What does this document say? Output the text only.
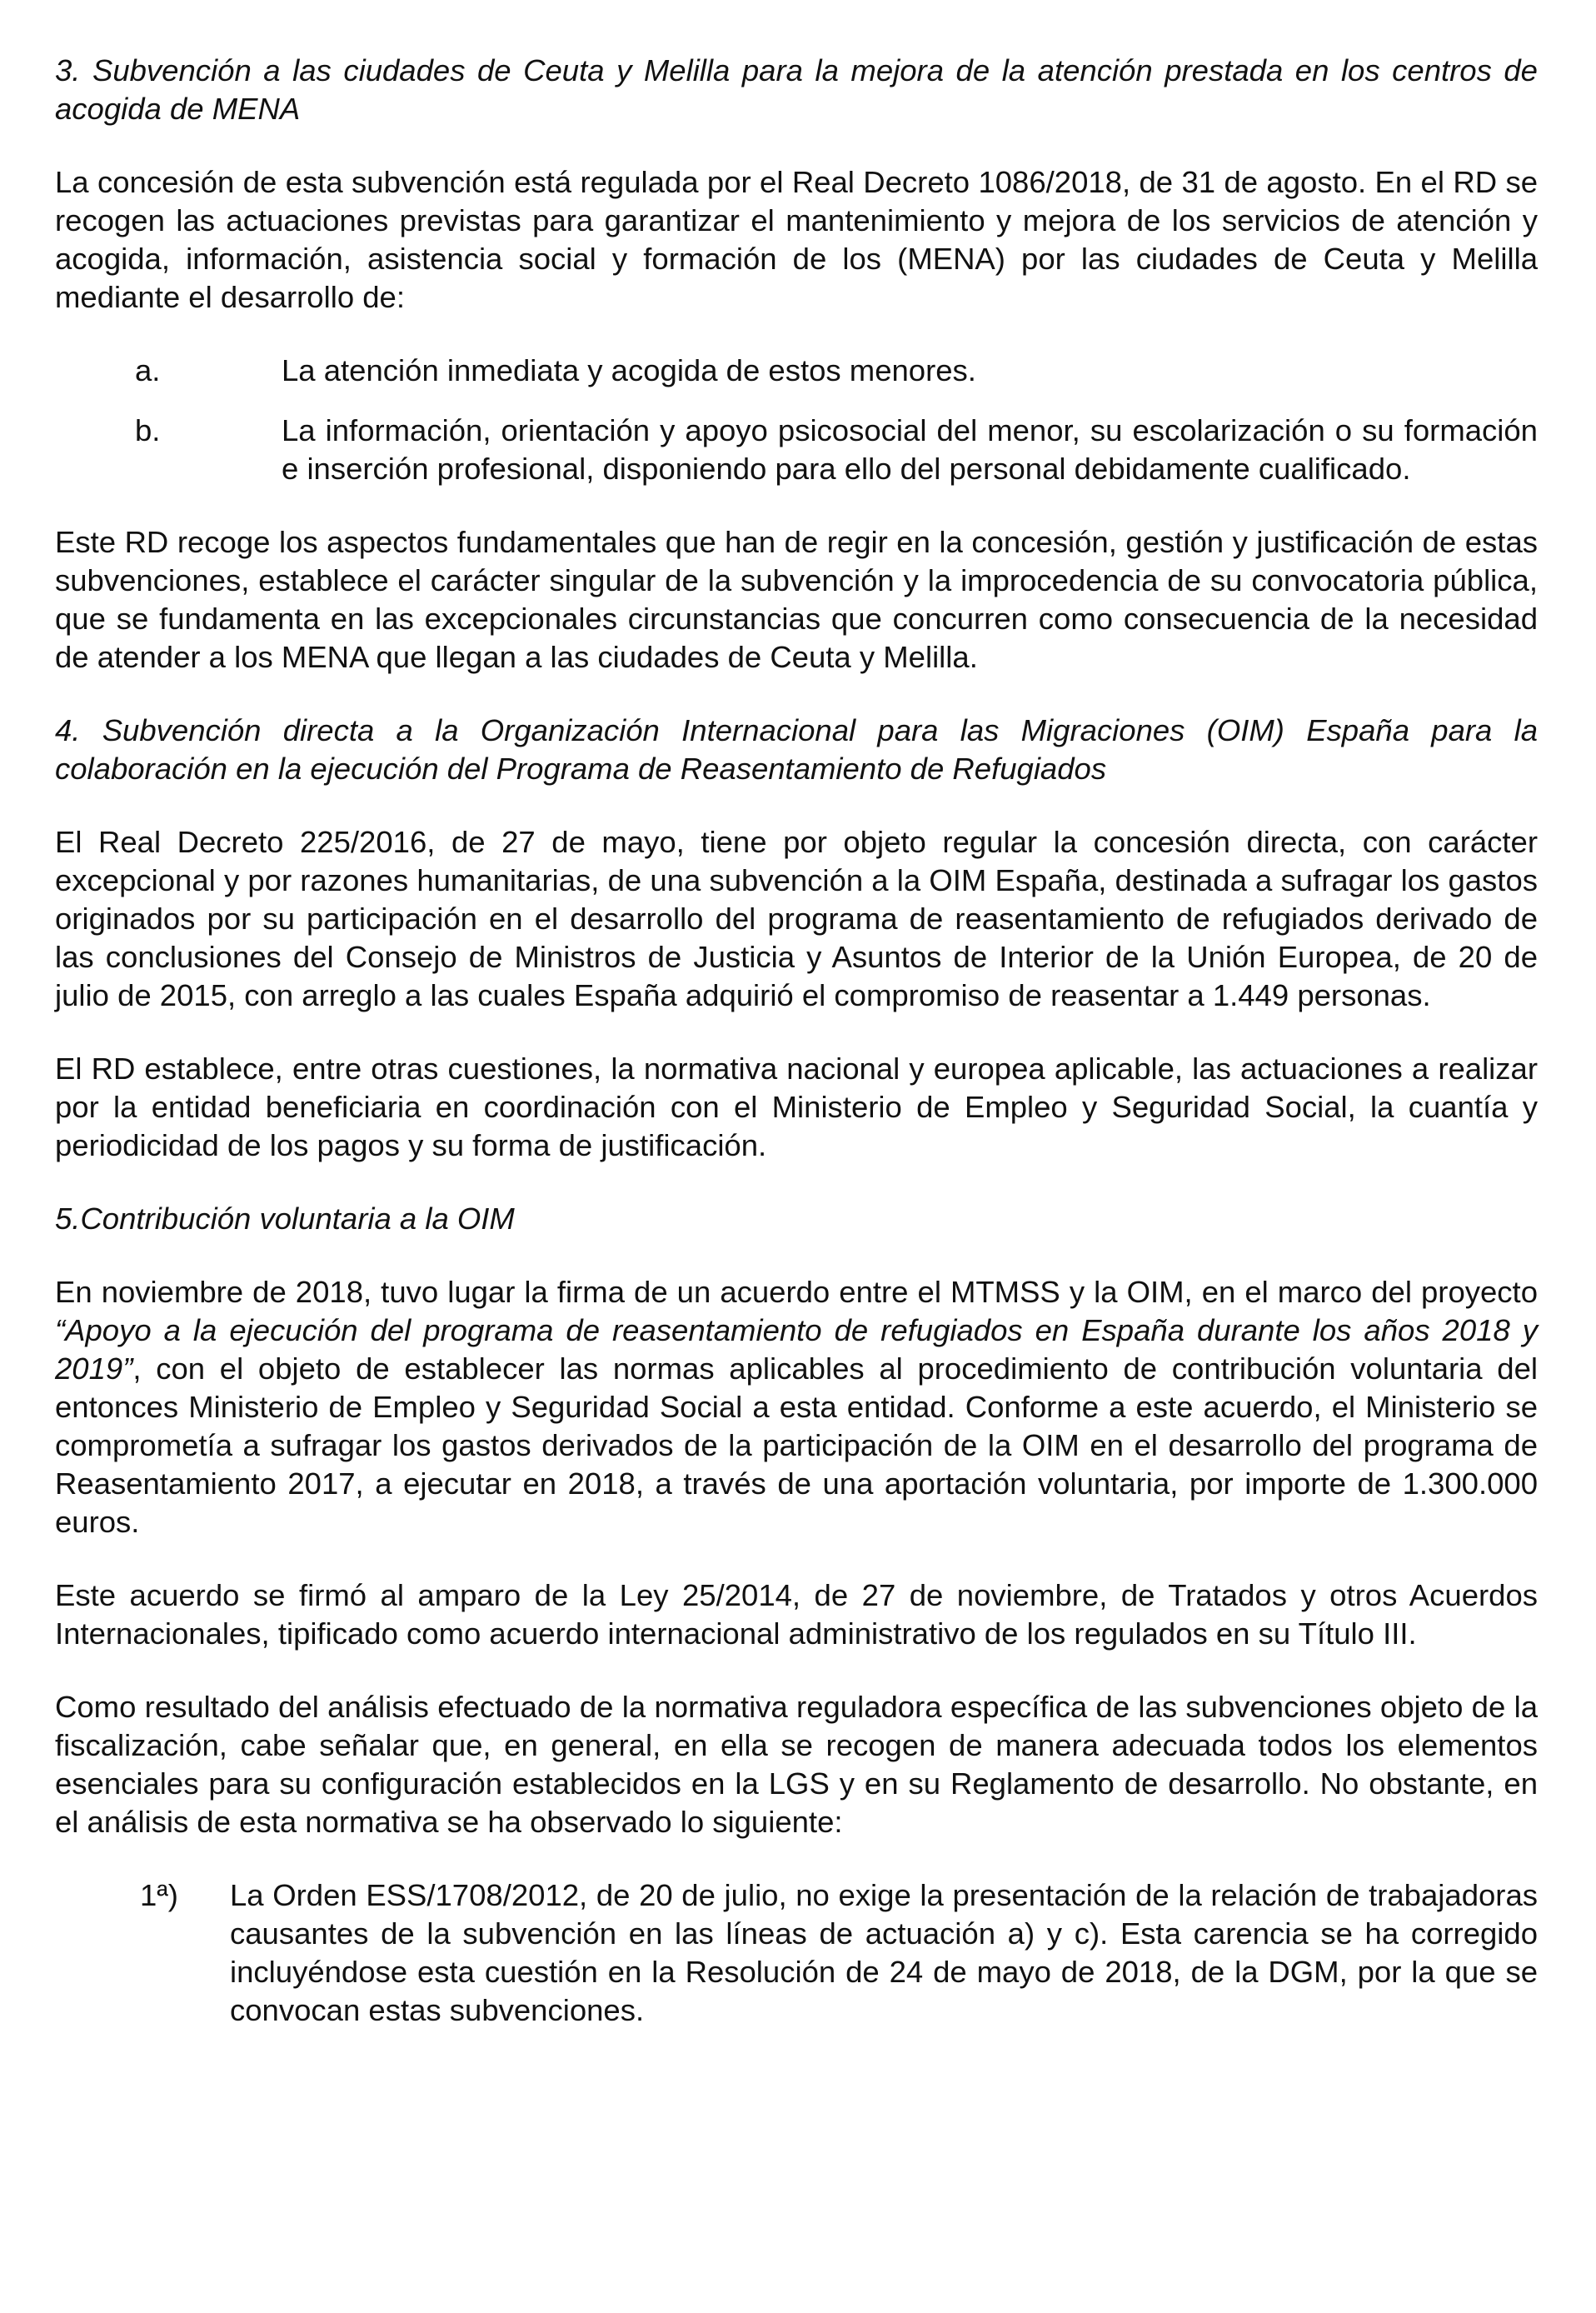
3. Subvención a las ciudades de Ceuta y Melilla para la mejora de la atención prestada en los centros de acogida de MENA

La concesión de esta subvención está regulada por el Real Decreto 1086/2018, de 31 de agosto. En el RD se recogen las actuaciones previstas para garantizar el mantenimiento y mejora de los servicios de atención y acogida, información, asistencia social y formación de los (MENA) por las ciudades de Ceuta y Melilla mediante el desarrollo de:

a.	La atención inmediata y acogida de estos menores.
b.	La información, orientación y apoyo psicosocial del menor, su escolarización o su formación e inserción profesional, disponiendo para ello del personal debidamente cualificado.

Este RD recoge los aspectos fundamentales que han de regir en la concesión, gestión y justificación de estas subvenciones, establece el carácter singular de la subvención y la improcedencia de su convocatoria pública, que se fundamenta en las excepcionales circunstancias que concurren como consecuencia de la necesidad de atender a los MENA que llegan a las ciudades de Ceuta y Melilla.

4. Subvención directa a la Organización Internacional para las Migraciones (OIM) España para la colaboración en la ejecución del Programa de Reasentamiento de Refugiados

El Real Decreto 225/2016, de 27 de mayo, tiene por objeto regular la concesión directa, con carácter excepcional y por razones humanitarias, de una subvención a la OIM España, destinada a sufragar los gastos originados por su participación en el desarrollo del programa de reasentamiento de refugiados derivado de las conclusiones del Consejo de Ministros de Justicia y Asuntos de Interior de la Unión Europea, de 20 de julio de 2015, con arreglo a las cuales España adquirió el compromiso de reasentar a 1.449 personas.

El RD establece, entre otras cuestiones, la normativa nacional y europea aplicable, las actuaciones a realizar por la entidad beneficiaria en coordinación con el Ministerio de Empleo y Seguridad Social, la cuantía y periodicidad de los pagos y su forma de justificación.

5.Contribución voluntaria a la OIM

En noviembre de 2018, tuvo lugar la firma de un acuerdo entre el MTMSS y la OIM, en el marco del proyecto “Apoyo a la ejecución del programa de reasentamiento de refugiados en España durante los años 2018 y 2019”, con el objeto de establecer las normas aplicables al procedimiento de contribución voluntaria del entonces Ministerio de Empleo y Seguridad Social a esta entidad. Conforme a este acuerdo, el Ministerio se comprometía a sufragar los gastos derivados de la participación de la OIM en el desarrollo del programa de Reasentamiento 2017, a ejecutar en 2018, a través de una aportación voluntaria, por importe de 1.300.000 euros.

Este acuerdo se firmó al amparo de la Ley 25/2014, de 27 de noviembre, de Tratados y otros Acuerdos Internacionales, tipificado como acuerdo internacional administrativo de los regulados en su Título III.

Como resultado del análisis efectuado de la normativa reguladora específica de las subvenciones objeto de la fiscalización, cabe señalar que, en general, en ella se recogen de manera adecuada todos los elementos esenciales para su configuración establecidos en la LGS y en su Reglamento de desarrollo. No obstante, en el análisis de esta normativa se ha observado lo siguiente:

1ª)	La Orden ESS/1708/2012, de 20 de julio, no exige la presentación de la relación de trabajadoras causantes de la subvención en las líneas de actuación a) y c). Esta carencia se ha corregido incluyéndose esta cuestión en la Resolución de 24 de mayo de 2018, de la DGM, por la que se convocan estas subvenciones.
